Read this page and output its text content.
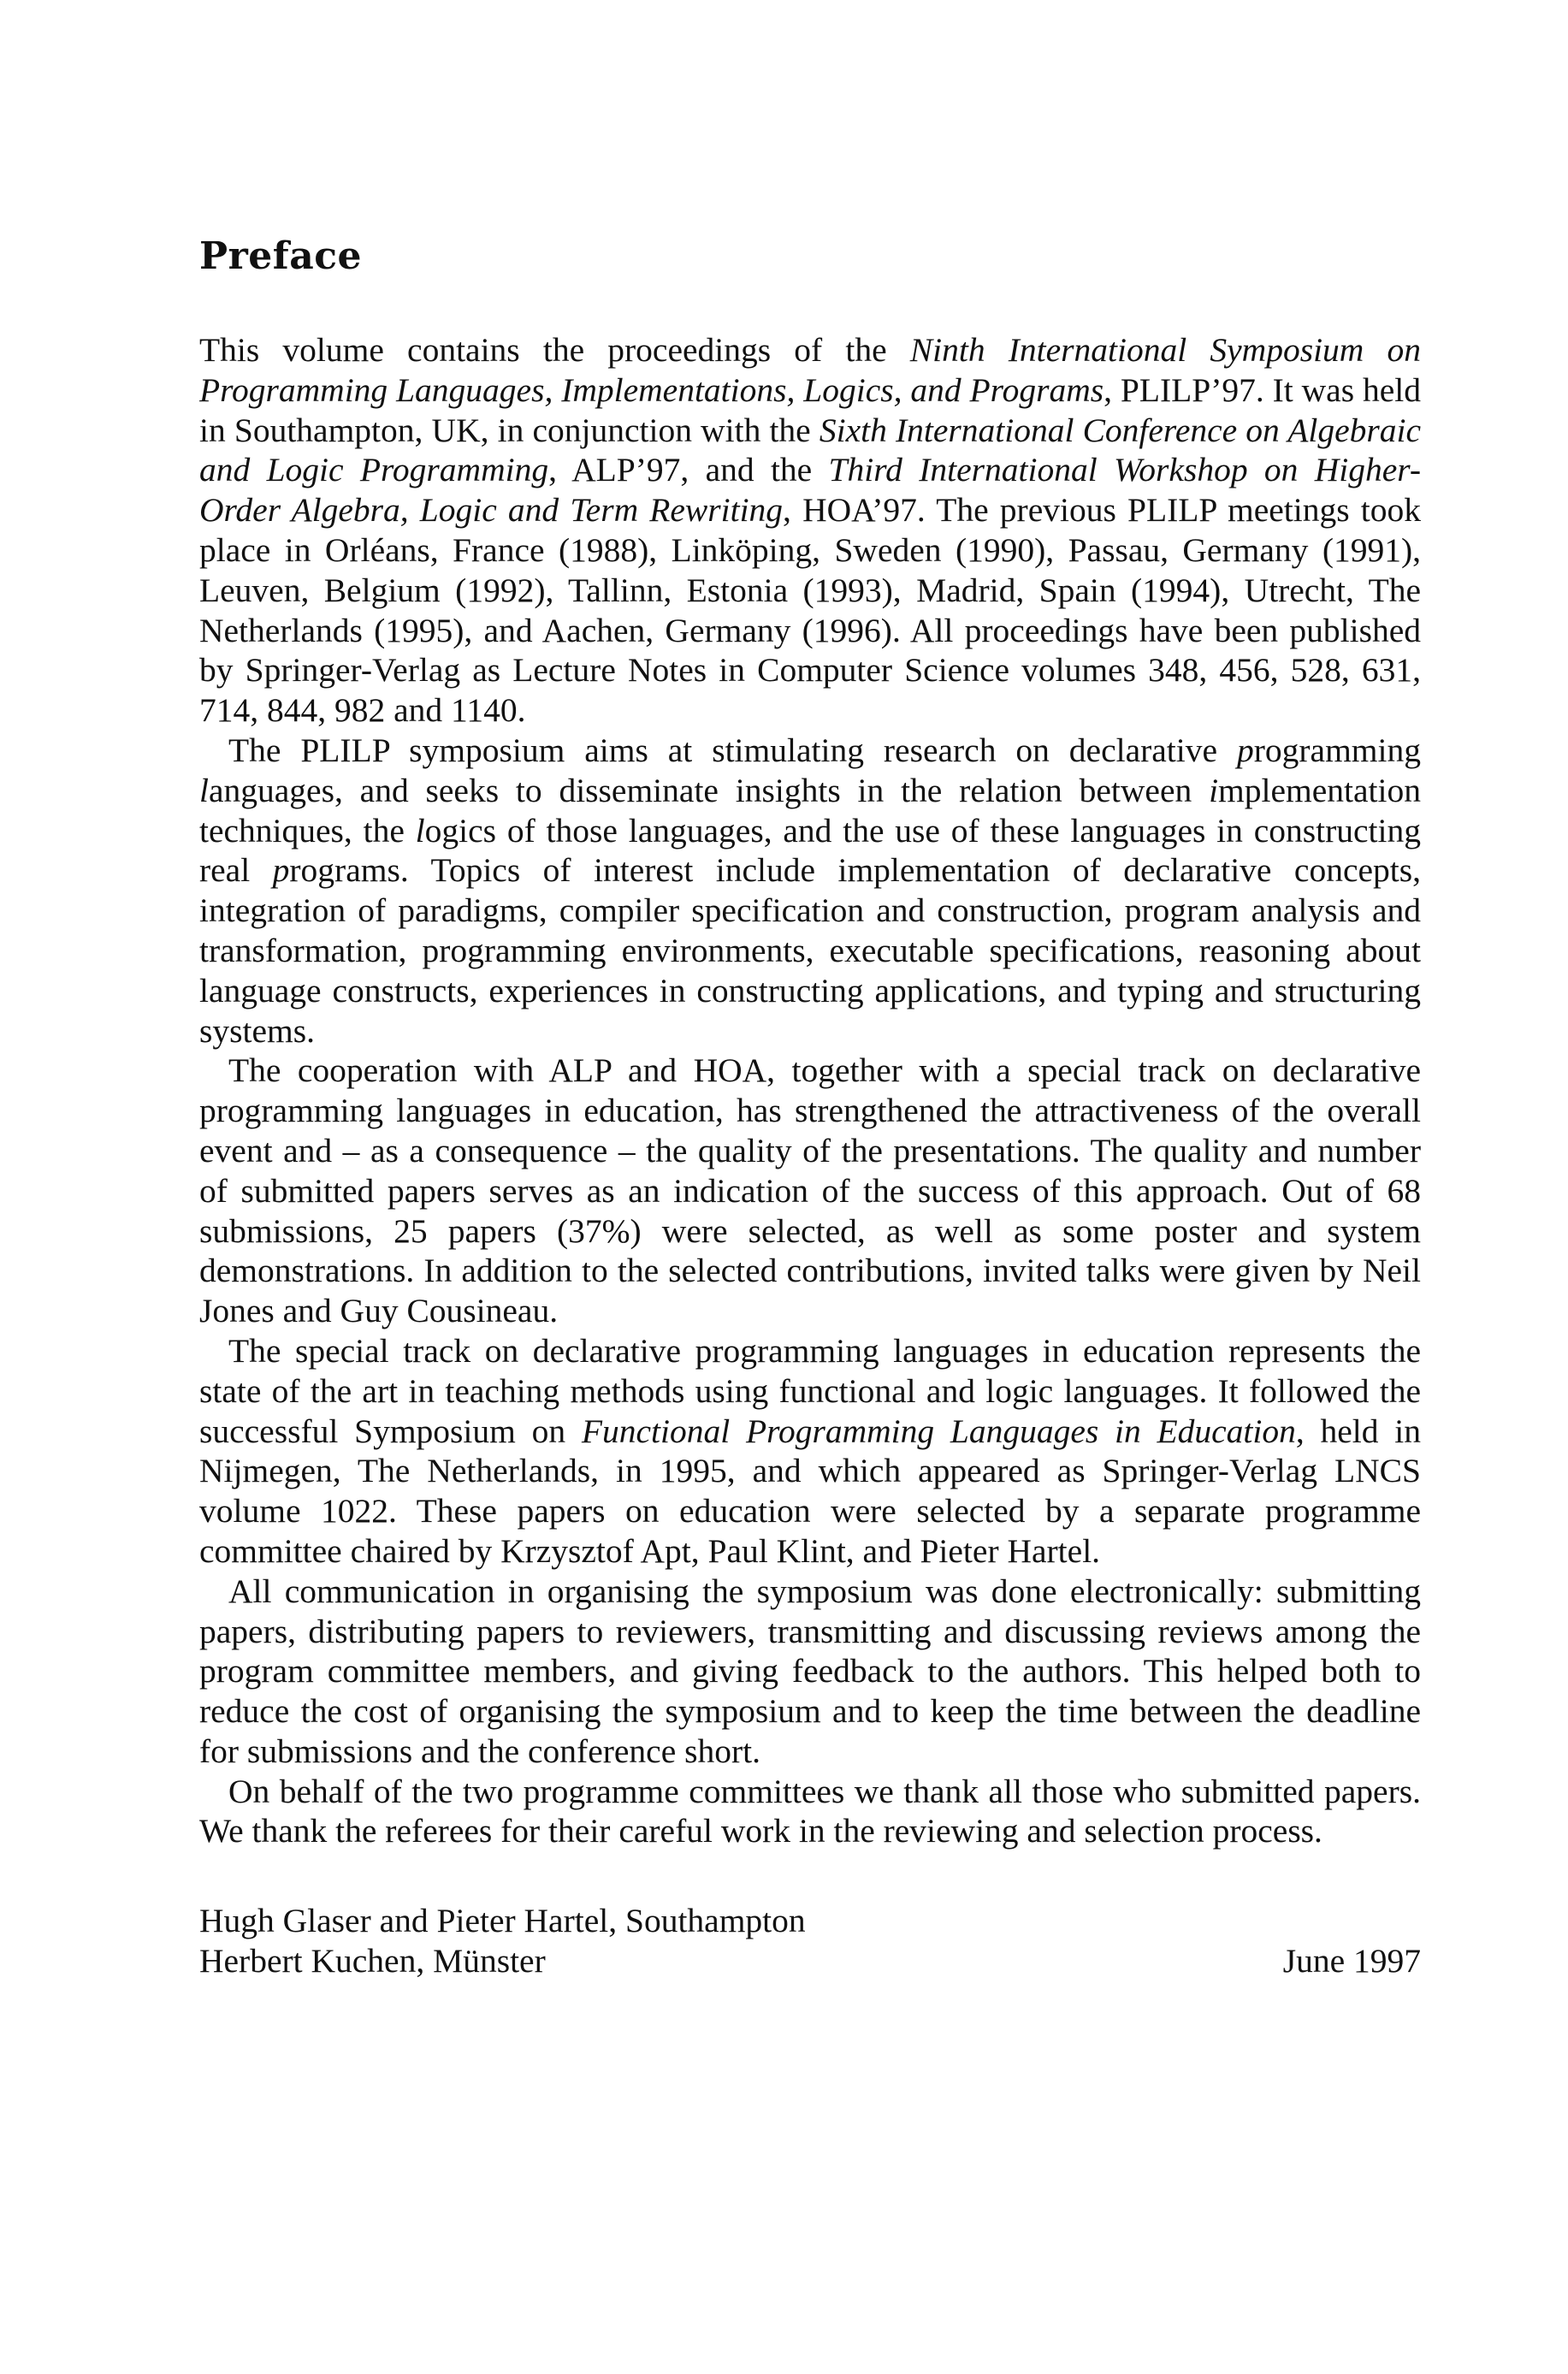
Preface

This volume contains the proceedings of the Ninth International Symposium on Programming Languages, Implementations, Logics, and Programs, PLILP’97. It was held in Southampton, UK, in conjunction with the Sixth International Conference on Algebraic and Logic Programming, ALP’97, and the Third International Workshop on Higher-Order Algebra, Logic and Term Rewriting, HOA’97. The previous PLILP meetings took place in Orléans, France (1988), Linköping, Sweden (1990), Passau, Germany (1991), Leuven, Belgium (1992), Tallinn, Estonia (1993), Madrid, Spain (1994), Utrecht, The Netherlands (1995), and Aachen, Germany (1996). All proceedings have been published by Springer-Verlag as Lecture Notes in Computer Science volumes 348, 456, 528, 631, 714, 844, 982 and 1140.

The PLILP symposium aims at stimulating research on declarative programming languages, and seeks to disseminate insights in the relation between implementation techniques, the logics of those languages, and the use of these languages in constructing real programs. Topics of interest include implementation of declarative concepts, integration of paradigms, compiler specification and construction, program analysis and transformation, programming environments, executable specifications, reasoning about language constructs, experiences in constructing applications, and typing and structuring systems.

The cooperation with ALP and HOA, together with a special track on declarative programming languages in education, has strengthened the attractiveness of the overall event and – as a consequence – the quality of the presentations. The quality and number of submitted papers serves as an indication of the success of this approach. Out of 68 submissions, 25 papers (37%) were selected, as well as some poster and system demonstrations. In addition to the selected contributions, invited talks were given by Neil Jones and Guy Cousineau.

The special track on declarative programming languages in education represents the state of the art in teaching methods using functional and logic languages. It followed the successful Symposium on Functional Programming Languages in Education, held in Nijmegen, The Netherlands, in 1995, and which appeared as Springer-Verlag LNCS volume 1022. These papers on education were selected by a separate programme committee chaired by Krzysztof Apt, Paul Klint, and Pieter Hartel.

All communication in organising the symposium was done electronically: submitting papers, distributing papers to reviewers, transmitting and discussing reviews among the program committee members, and giving feedback to the authors. This helped both to reduce the cost of organising the symposium and to keep the time between the deadline for submissions and the conference short.

On behalf of the two programme committees we thank all those who submitted papers. We thank the referees for their careful work in the reviewing and selection process.

Hugh Glaser and Pieter Hartel, Southampton
Herbert Kuchen, Münster	June 1997
